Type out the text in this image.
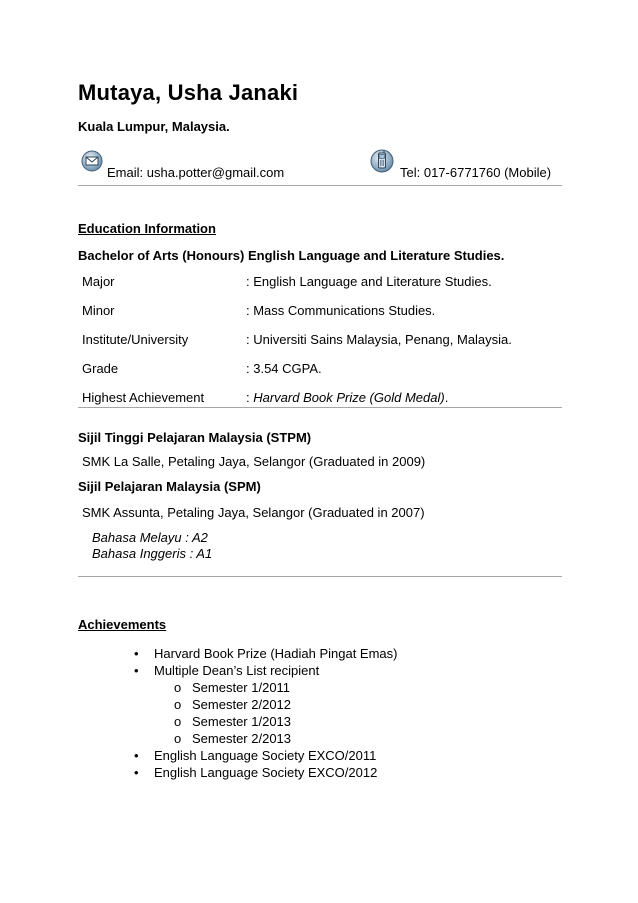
Mutaya, Usha Janaki
Kuala Lumpur, Malaysia.
Email: usha.potter@gmail.com	Tel: 017-6771760 (Mobile)
Education Information
Bachelor of Arts (Honours) English Language and Literature Studies.
Major	: English Language and Literature Studies.
Minor	: Mass Communications Studies.
Institute/University	: Universiti Sains Malaysia, Penang, Malaysia.
Grade	: 3.54 CGPA.
Highest Achievement	: Harvard Book Prize (Gold Medal).
Sijil Tinggi Pelajaran Malaysia (STPM)
SMK La Salle, Petaling Jaya, Selangor (Graduated in 2009)
Sijil Pelajaran Malaysia (SPM)
SMK Assunta, Petaling Jaya, Selangor (Graduated in 2007)
Bahasa Melayu : A2
Bahasa Inggeris : A1
Achievements
• Harvard Book Prize (Hadiah Pingat Emas)
• Multiple Dean’s List recipient
o Semester 1/2011
o Semester 2/2012
o Semester 1/2013
o Semester 2/2013
• English Language Society EXCO/2011
• English Language Society EXCO/2012
